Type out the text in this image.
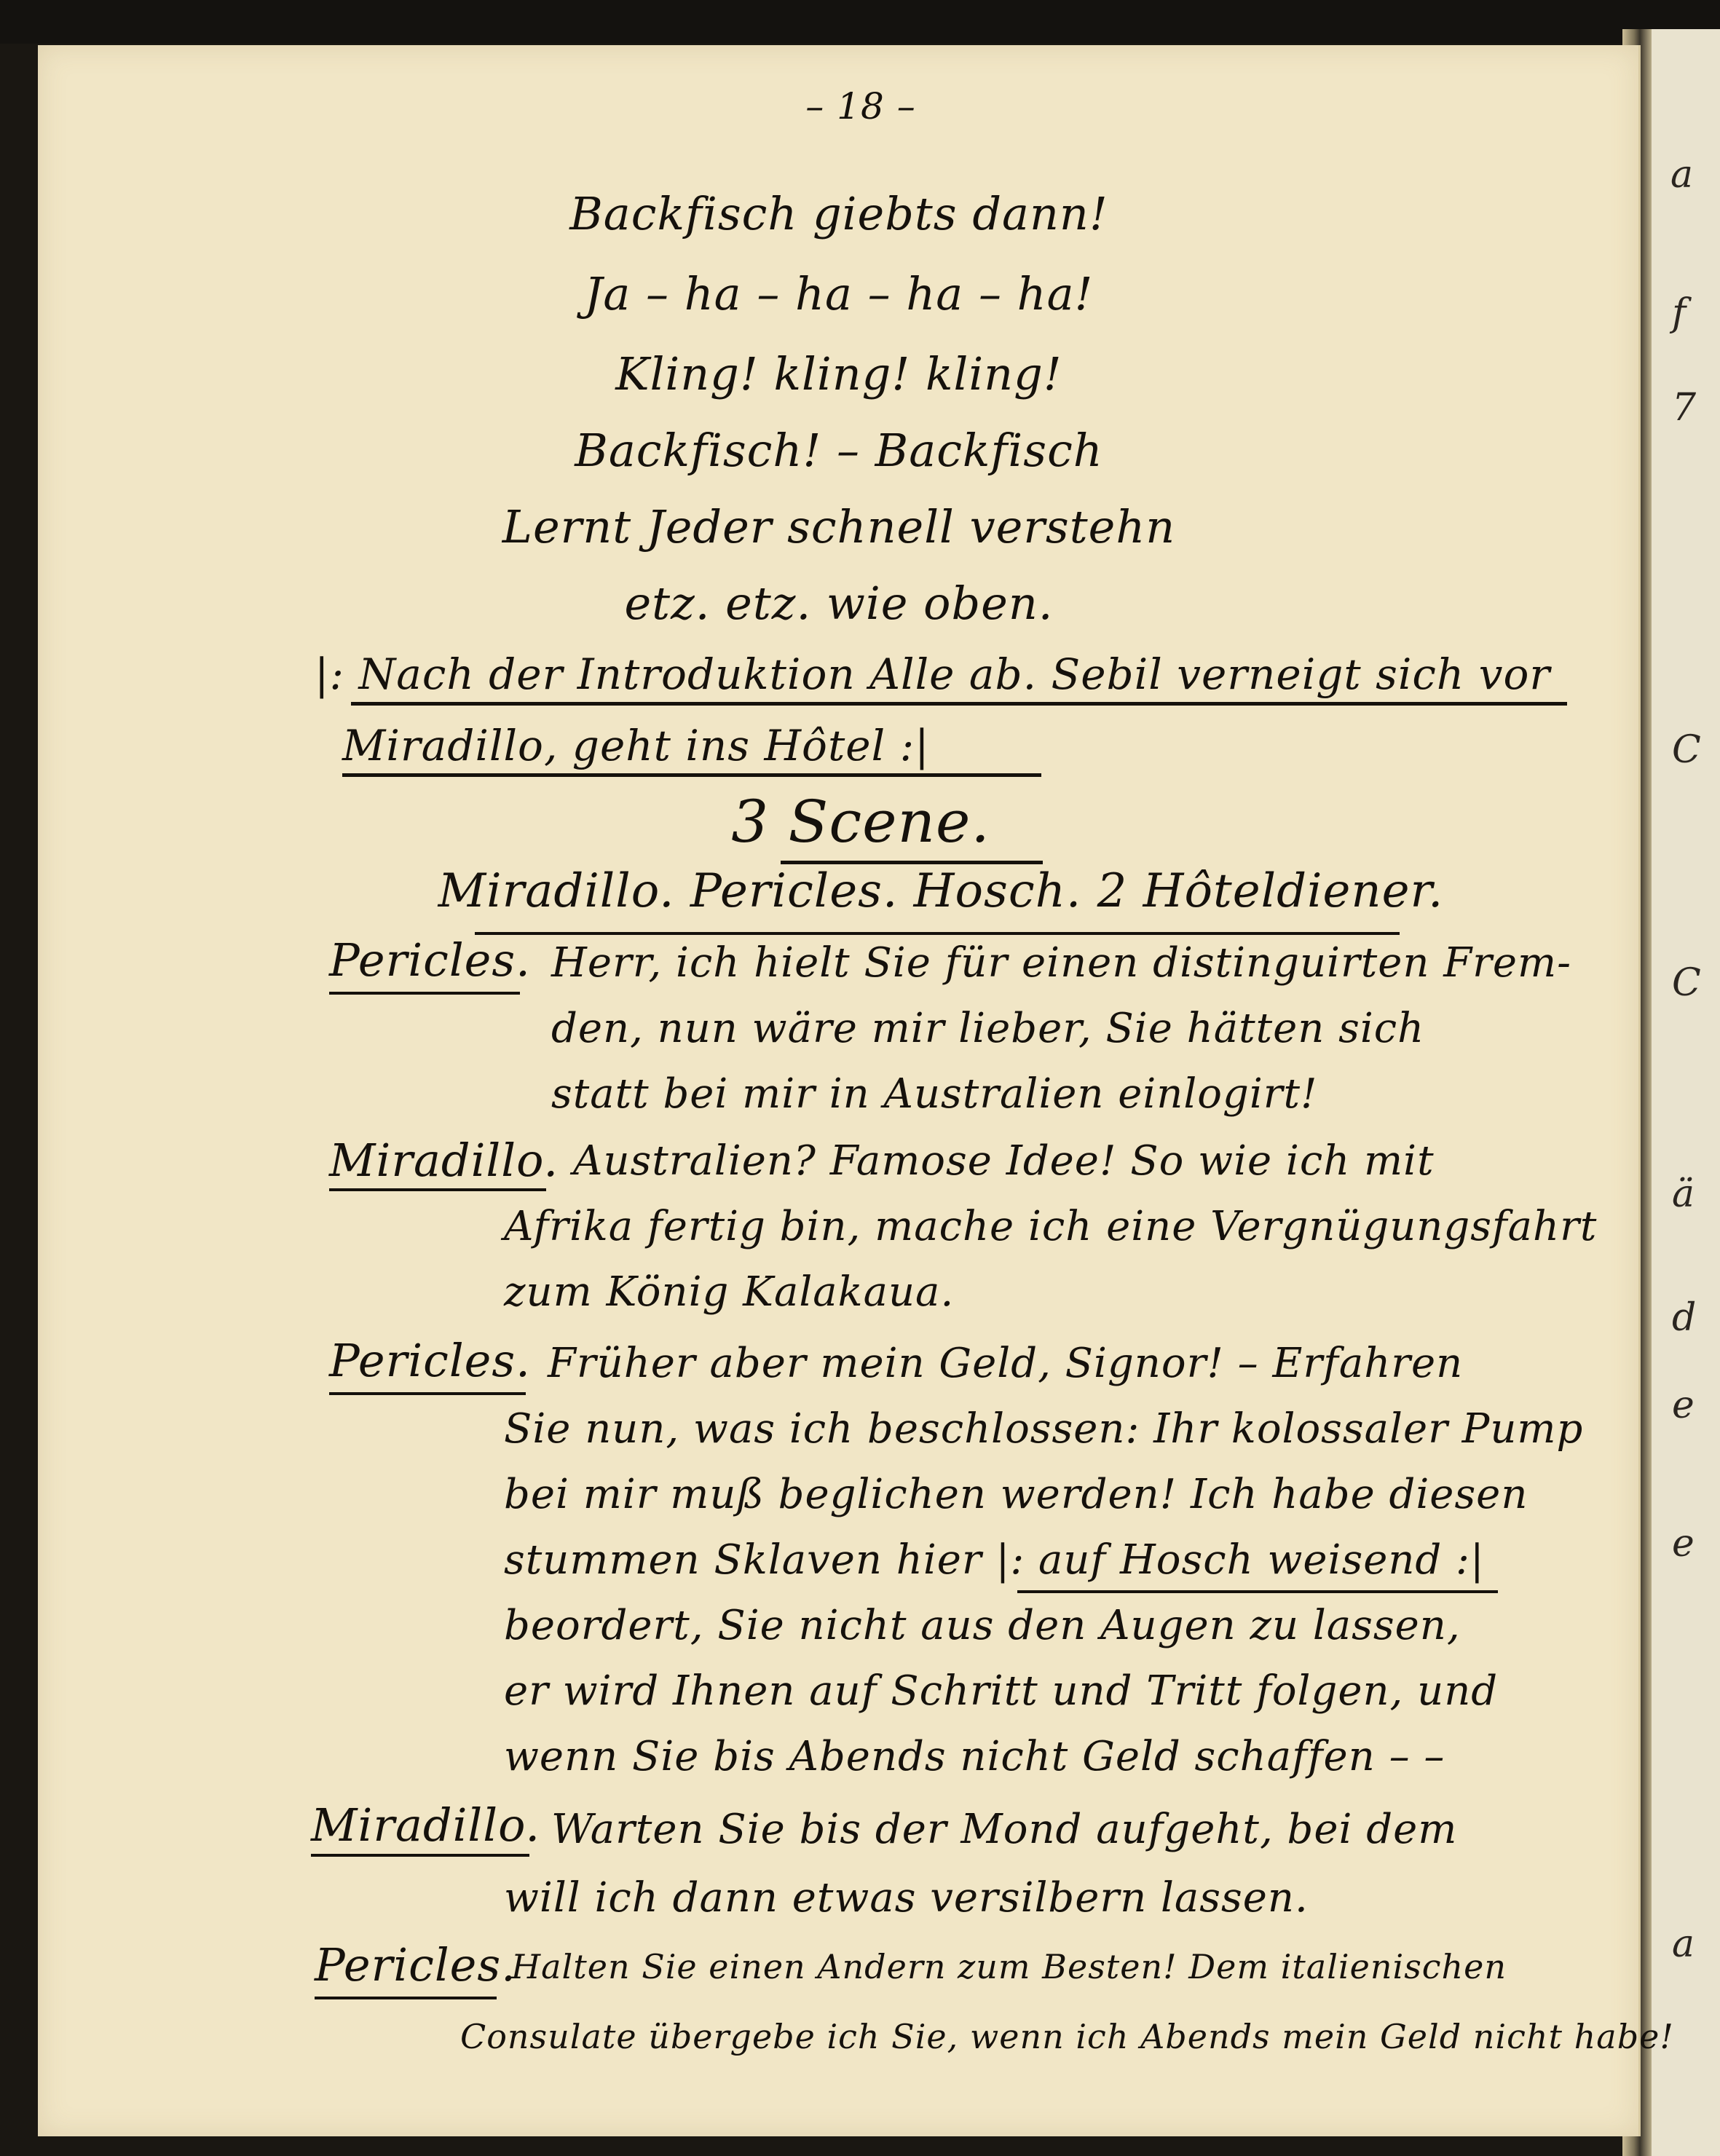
a
f
7
C
C
ä
d
e
e
a
– 18 –
Backfisch giebts dann!
Ja – ha – ha – ha – ha!
Kling! kling! kling!
Backfisch! – Backfisch
Lernt Jeder schnell verstehn
etz. etz. wie oben.
|: Nach der Introduktion Alle ab. Sebil verneigt sich vor
Miradillo, geht ins Hôtel :|
3 Scene.
Miradillo. Pericles. Hosch. 2 Hôteldiener.
Pericles. Herr, ich hielt Sie für einen distinguirten Frem-
den, nun wäre mir lieber, Sie hätten sich
statt bei mir in Australien einlogirt!
Miradillo. Australien? Famose Idee! So wie ich mit
Afrika fertig bin, mache ich eine Vergnügungsfahrt
zum König Kalakaua.
Pericles. Früher aber mein Geld, Signor! – Erfahren
Sie nun, was ich beschlossen: Ihr kolossaler Pump
bei mir muß beglichen werden! Ich habe diesen
stummen Sklaven hier |: auf Hosch weisend :|
beordert, Sie nicht aus den Augen zu lassen,
er wird Ihnen auf Schritt und Tritt folgen, und
wenn Sie bis Abends nicht Geld schaffen – –
Miradillo. Warten Sie bis der Mond aufgeht, bei dem
will ich dann etwas versilbern lassen.
Pericles.
Halten Sie einen Andern zum Besten! Dem italienischen
Consulate übergebe ich Sie, wenn ich Abends mein Geld nicht habe!
